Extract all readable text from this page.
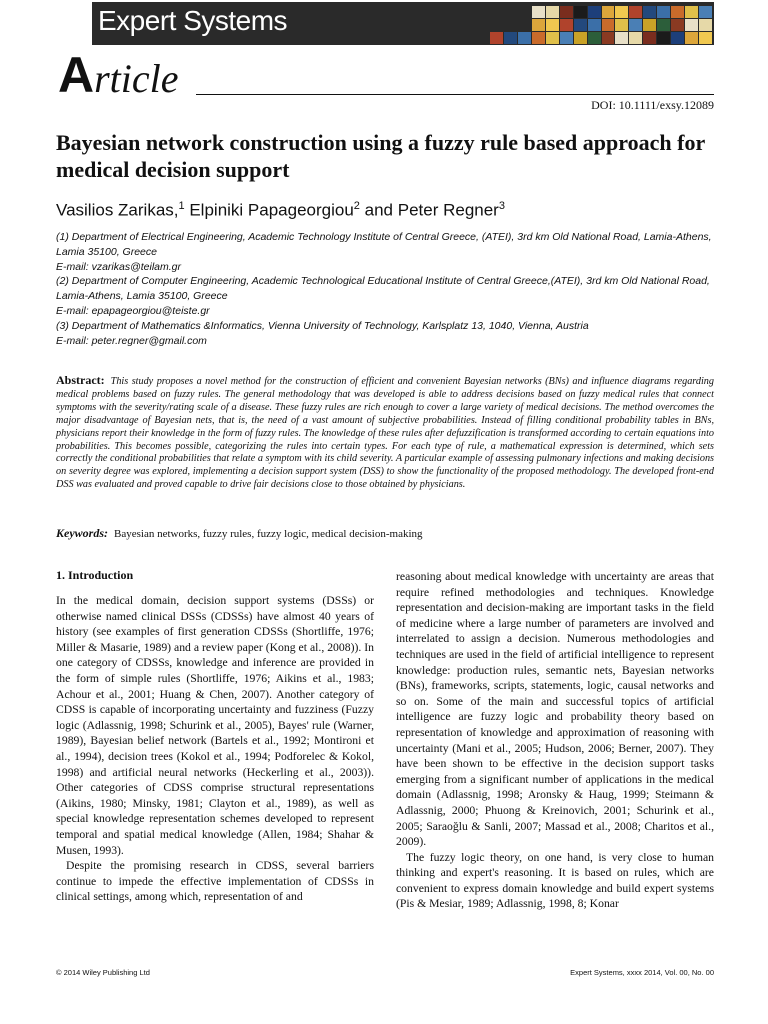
Expert Systems
Article
DOI: 10.1111/exsy.12089
Bayesian network construction using a fuzzy rule based approach for medical decision support
Vasilios Zarikas,$^1$ Elpiniki Papageorgiou$^2$ and Peter Regner$^3$
(1) Department of Electrical Engineering, Academic Technology Institute of Central Greece, (ATEI), 3rd km Old National Road, Lamia-Athens, Lamia 35100, Greece
E-mail: vzarikas@teilam.gr
(2) Department of Computer Engineering, Academic Technological Educational Institute of Central Greece,(ATEI), 3rd km Old National Road, Lamia-Athens, Lamia 35100, Greece
E-mail: epapageorgiou@teiste.gr
(3) Department of Mathematics &Informatics, Vienna University of Technology, Karlsplatz 13, 1040, Vienna, Austria
E-mail: peter.regner@gmail.com
Abstract: This study proposes a novel method for the construction of efficient and convenient Bayesian networks (BNs) and influence diagrams regarding medical problems based on fuzzy rules. The general methodology that was developed is able to address decisions based on fuzzy medical rules that connect symptoms with the severity/rating scale of a disease. These fuzzy rules are rich enough to cover a large variety of medical decisions. The method overcomes the major disadvantage of Bayesian nets, that is, the need of a vast amount of subjective probabilities. Instead of filling conditional probability tables in BNs, physicians report their knowledge in the form of fuzzy rules. The knowledge of these rules after defuzzification is transformed according to certain equations into probabilities. This becomes possible, categorizing the rules into certain types. For each type of rule, a mathematical expression is determined, which sets correctly the conditional probabilities that relate a symptom with its child severity. A particular example of assessing pulmonary infections and making decisions on severity degree was explored, implementing a decision support system (DSS) to show the functionality of the proposed methodology. The developed front-end DSS was evaluated and proved capable to drive fair decisions close to those obtained by physicians.
Keywords: Bayesian networks, fuzzy rules, fuzzy logic, medical decision-making
1. Introduction

In the medical domain, decision support systems (DSSs) or otherwise named clinical DSSs (CDSSs) have almost 40 years of history (see examples of first generation CDSSs (Shortliffe, 1976; Miller & Masarie, 1989) and a review paper (Kong et al., 2008)). In one category of CDSSs, knowledge and inference are provided in the form of simple rules (Shortliffe, 1976; Aikins et al., 1983; Achour et al., 2001; Huang & Chen, 2007). Another category of CDSS is capable of incorporating uncertainty and fuzziness (Fuzzy logic (Adlassnig, 1998; Schurink et al., 2005), Bayes' rule (Warner, 1989), Bayesian belief network (Bartels et al., 1992; Montironi et al., 1994), decision trees (Kokol et al., 1994; Podforelec & Kokol, 1998) and artificial neural networks (Heckerling et al., 2003)). Other categories of CDSS comprise structural representations (Aikins, 1980; Minsky, 1981; Clayton et al., 1989), as well as special knowledge representation schemes developed to represent temporal and spatial medical knowledge (Allen, 1984; Shahar & Musen, 1993).

Despite the promising research in CDSS, several barriers continue to impede the effective implementation of CDSSs in clinical settings, among which, representation of and

reasoning about medical knowledge with uncertainty are areas that require refined methodologies and techniques. Knowledge representation and decision-making are important tasks in the field of medicine where a large number of parameters are involved and interrelated to assign a decision. Numerous methodologies and techniques are used in the field of artificial intelligence to represent knowledge: production rules, semantic nets, Bayesian networks (BNs), frameworks, scripts, statements, logic, causal networks and so on. Some of the main and successful topics of artificial intelligence are fuzzy logic and probability theory based on representation of knowledge and approximation of reasoning with uncertainty (Mani et al., 2005; Hudson, 2006; Berner, 2007). They have been shown to be effective in the decision support tasks emerging from a significant number of applications in the medical domain (Adlassnig, 1998; Aronsky & Haug, 1999; Steimann & Adlassnig, 2000; Phuong & Kreinovich, 2001; Schurink et al., 2005; Saraoğlu & Sanli, 2007; Massad et al., 2008; Charitos et al., 2009).

The fuzzy logic theory, on one hand, is very close to human thinking and expert's reasoning. It is based on rules, which are convenient to express domain knowledge and build expert systems (Pis & Mesiar, 1989; Adlassnig, 1998, 8; Konar

© 2014 Wiley Publishing Ltd	Expert Systems, xxxx 2014, Vol. 00, No. 00
